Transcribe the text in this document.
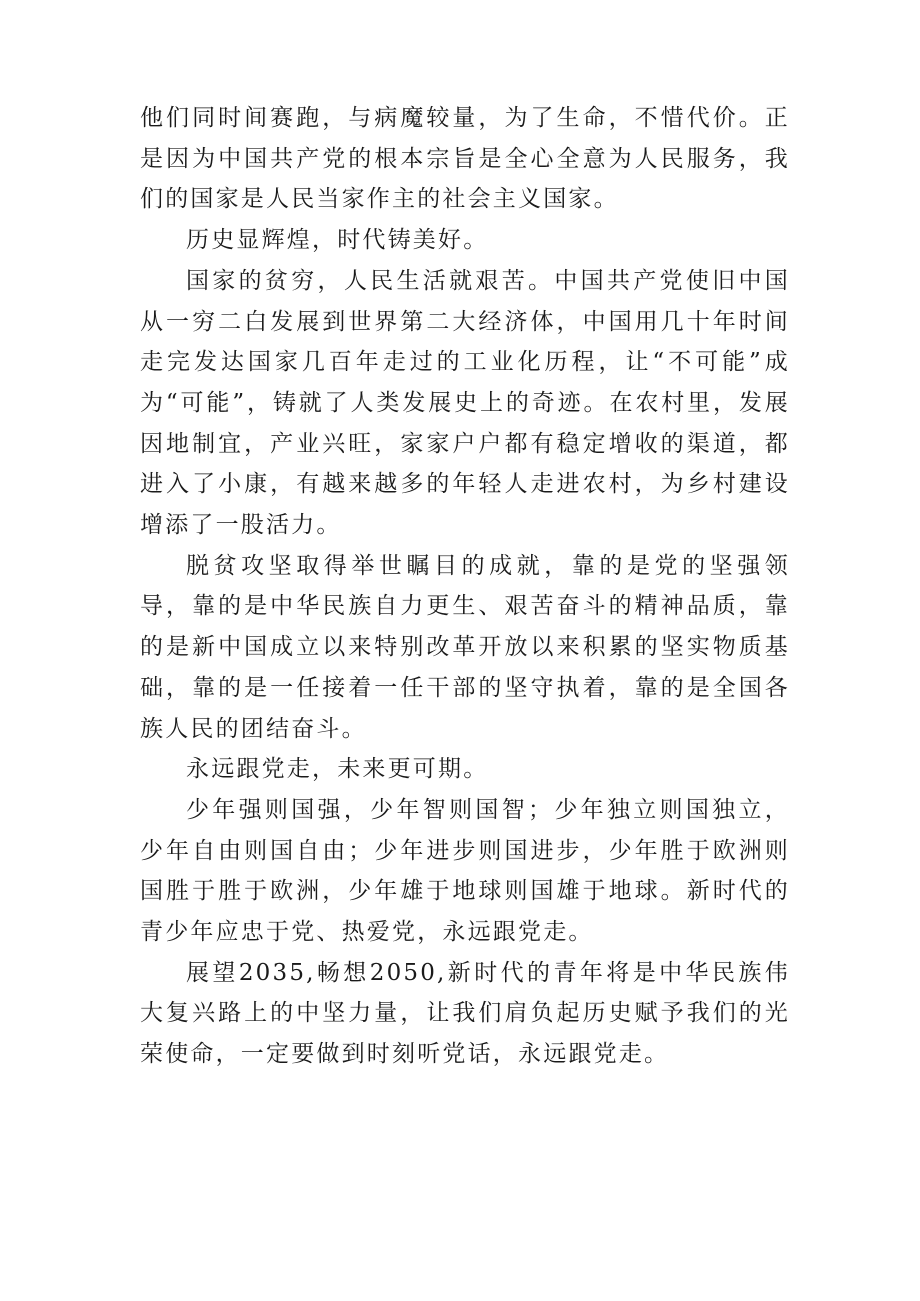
他们同时间赛跑，与病魔较量，为了生命，不惜代价。正是因为中国共产党的根本宗旨是全心全意为人民服务，我们的国家是人民当家作主的社会主义国家。

历史显辉煌，时代铸美好。

国家的贫穷，人民生活就艰苦。中国共产党使旧中国从一穷二白发展到世界第二大经济体，中国用几十年时间走完发达国家几百年走过的工业化历程，让“不可能”成为“可能”，铸就了人类发展史上的奇迹。在农村里，发展因地制宜，产业兴旺，家家户户都有稳定增收的渠道，都进入了小康，有越来越多的年轻人走进农村，为乡村建设增添了一股活力。

脱贫攻坚取得举世瞩目的成就，靠的是党的坚强领导，靠的是中华民族自力更生、艰苦奋斗的精神品质，靠的是新中国成立以来特别改革开放以来积累的坚实物质基础，靠的是一任接着一任干部的坚守执着，靠的是全国各族人民的团结奋斗。

永远跟党走，未来更可期。

少年强则国强，少年智则国智；少年独立则国独立，少年自由则国自由；少年进步则国进步，少年胜于欧洲则国胜于胜于欧洲，少年雄于地球则国雄于地球。新时代的青少年应忠于党、热爱党，永远跟党走。

展望2035,畅想2050,新时代的青年将是中华民族伟大复兴路上的中坚力量，让我们肩负起历史赋予我们的光荣使命，一定要做到时刻听党话，永远跟党走。
